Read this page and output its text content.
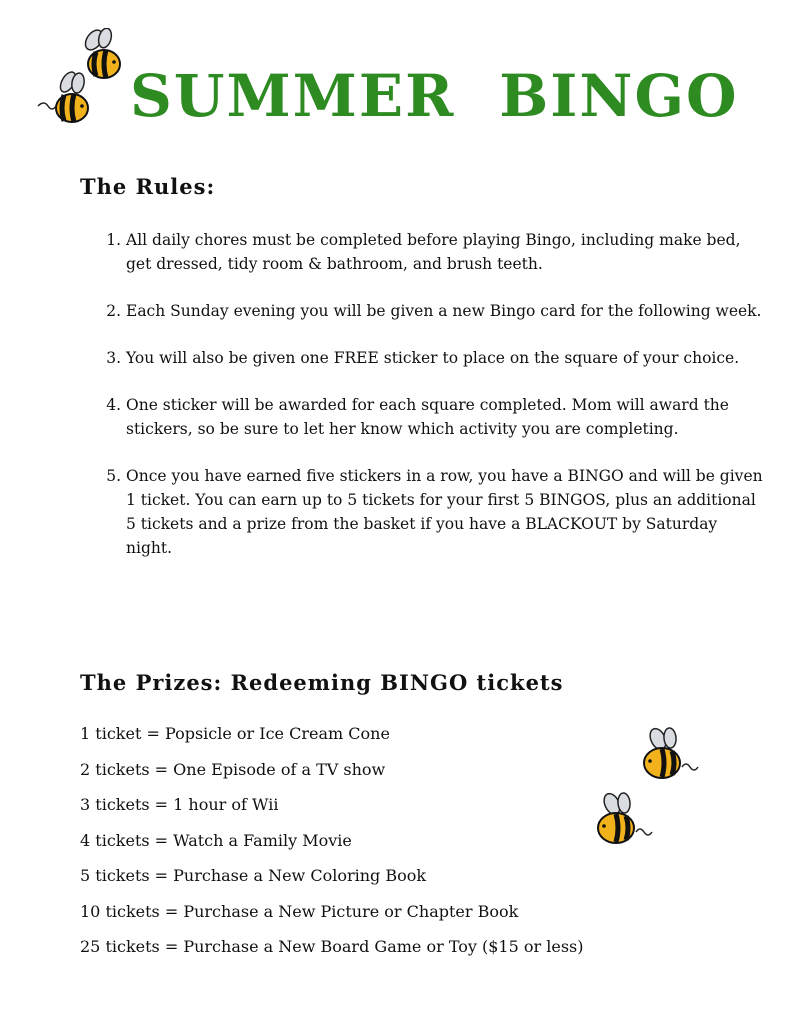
SUMMER BINGO
The Rules:
1. All daily chores must be completed before playing Bingo, including make bed, get dressed, tidy room & bathroom, and brush teeth.
2. Each Sunday evening you will be given a new Bingo card for the following week.
3. You will also be given one FREE sticker to place on the square of your choice.
4. One sticker will be awarded for each square completed. Mom will award the stickers, so be sure to let her know which activity you are completing.
5. Once you have earned five stickers in a row, you have a BINGO and will be given 1 ticket. You can earn up to 5 tickets for your first 5 BINGOS, plus an additional 5 tickets and a prize from the basket if you have a BLACKOUT by Saturday night.
The Prizes: Redeeming BINGO tickets
1 ticket = Popsicle or Ice Cream Cone
2 tickets = One Episode of a TV show
3 tickets = 1 hour of Wii
4 tickets = Watch a Family Movie
5 tickets = Purchase a New Coloring Book
10 tickets = Purchase a New Picture or Chapter Book
25 tickets = Purchase a New Board Game or Toy ($15 or less)
